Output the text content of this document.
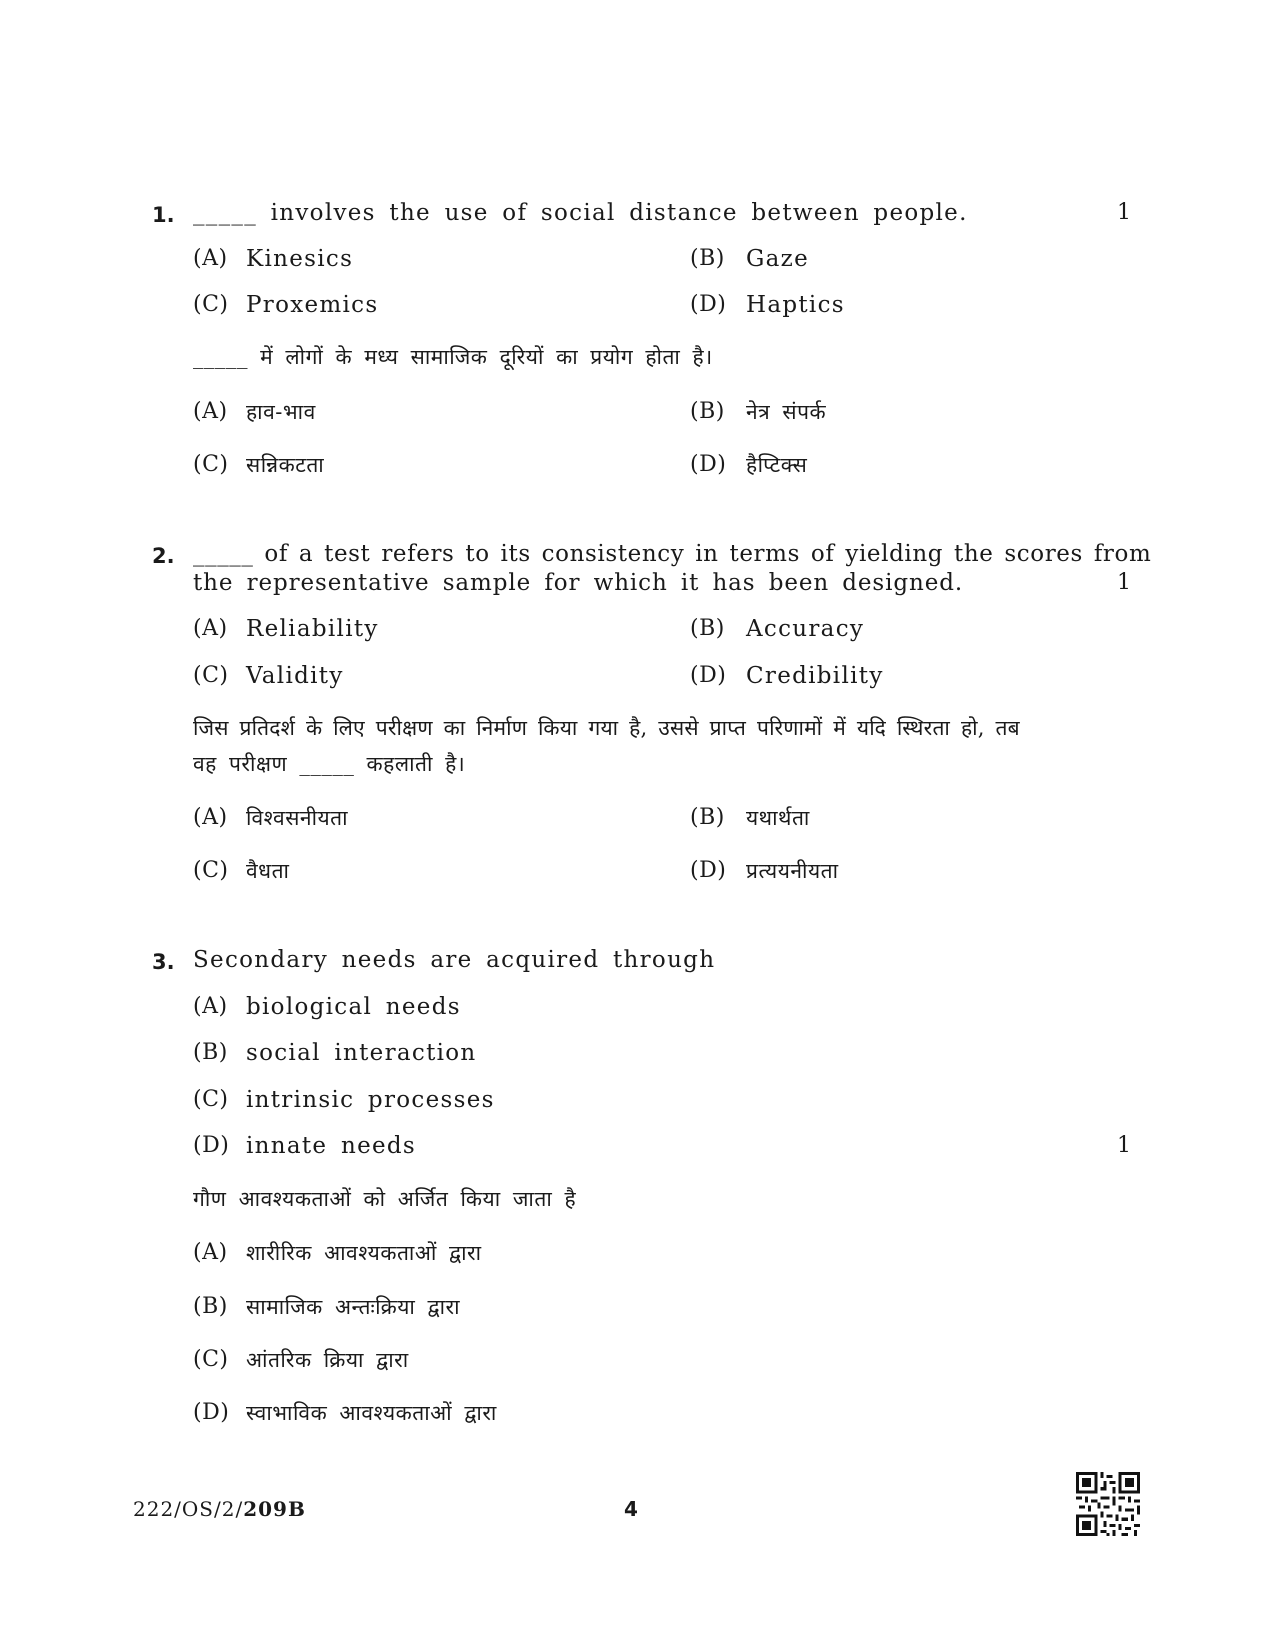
1. _____ involves the use of social distance between people.	1
(A) Kinesics	(B) Gaze
(C) Proxemics	(D) Haptics
_____ में लोगों के मध्य सामाजिक दूरियों का प्रयोग होता है।
(A) हाव-भाव	(B) नेत्र संपर्क
(C) सन्निकटता	(D) हैप्टिक्स
2. _____ of a test refers to its consistency in terms of yielding the scores from
the representative sample for which it has been designed.	1
(A) Reliability	(B) Accuracy
(C) Validity	(D) Credibility
जिस प्रतिदर्श के लिए परीक्षण का निर्माण किया गया है, उससे प्राप्त परिणामों में यदि स्थिरता हो, तब
वह परीक्षण _____ कहलाती है।
(A) विश्वसनीयता	(B) यथार्थता
(C) वैधता	(D) प्रत्ययनीयता
3. Secondary needs are acquired through
(A) biological needs
(B) social interaction
(C) intrinsic processes
(D) innate needs	1
गौण आवश्यकताओं को अर्जित किया जाता है
(A) शारीरिक आवश्यकताओं द्वारा
(B) सामाजिक अन्तःक्रिया द्वारा
(C) आंतरिक क्रिया द्वारा
(D) स्वाभाविक आवश्यकताओं द्वारा
222/OS/2/209B	4
